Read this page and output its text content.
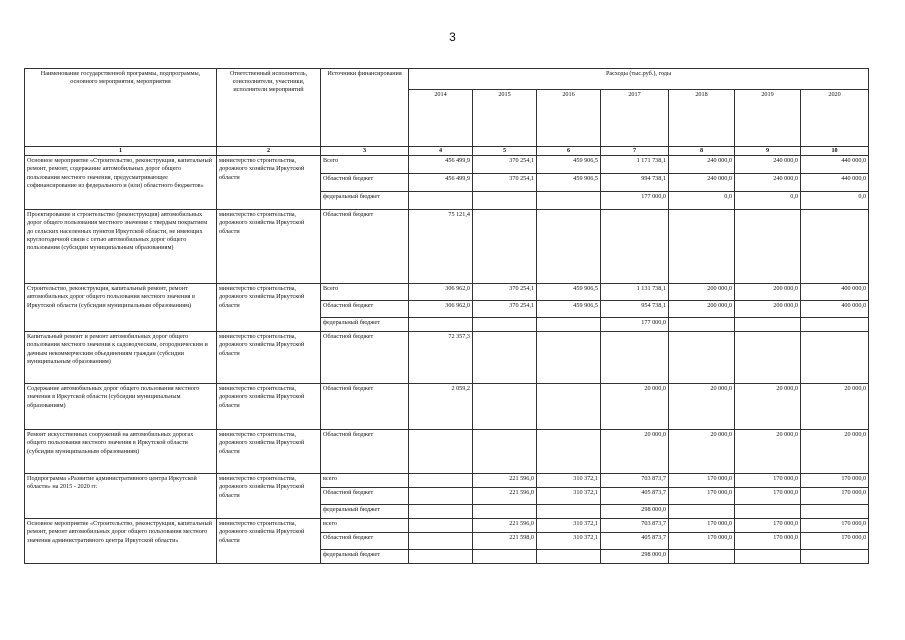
3
Наименование государственной программы, подпрограммы, основного мероприятия, мероприятия	Ответственный исполнитель, соисполнители, участники, исполнители мероприятий	Источники финансирования	Расходы (тыс.руб.), годы						
			2014	2015	2016	2017	2018	2019	2020
1	2	3	4	5	6	7	8	9	10
Основное мероприятие «Строительство, реконструкция, капитальный ремонт, ремонт, содержание автомобильных дорог общего пользования местного значения, предусматривающее софинансирование из федерального и (или) областного бюджетов»	министерство строительства, дорожного хозяйства Иркутской области	Всего	456 499,9	370 254,1	459 906,5	1 171 738,1	240 000,0	240 000,0	440 000,0
		Областной бюджет	456 499,9	370 254,1	459 906,5	994 738,1	240 000,0	240 000,0	440 000,0
		федеральный бюджет				177 000,0	0,0	0,0	0,0
Проектирование и строительство (реконструкция) автомобильных дорог общего пользования местного значения с твердым покрытием до сельских населенных пунктов Иркутской области, не имеющих круглогодичной связи с сетью автомобильных дорог общего пользования (субсидии муниципальным образованиям)	министерство строительства, дорожного хозяйства Иркутской области	Областной бюджет	75 121,4						
Строительство, реконструкция, капитальный ремонт, ремонт автомобильных дорог общего пользования местного значения в Иркутской области (субсидии муниципальным образованиям)	министерство строительства, дорожного хозяйства Иркутской области	Всего	306 962,0	370 254,1	459 906,5	1 131 738,1	200 000,0	200 000,0	400 000,0
		Областной бюджет	306 962,0	370 254,1	459 906,5	954 738,1	200 000,0	200 000,0	400 000,0
		федеральный бюджет				177 000,0			
Капитальный ремонт и ремонт автомобильных дорог общего пользования местного значения к садоводческим, огородническим и дачным некоммерческим объединениям граждан (субсидии муниципальным образованиям)	министерство строительства, дорожного хозяйства Иркутской области	Областной бюджет	72 357,3						
Содержание автомобильных дорог общего пользования местного значения в Иркутской области (субсидии муниципальным образованиям)	министерство строительства, дорожного хозяйства Иркутской области	Областной бюджет	2 059,2			20 000,0	20 000,0	20 000,0	20 000,0
Ремонт искусственных сооружений на автомобильных дорогах общего пользования местного значения в Иркутской области (субсидии муниципальным образованиям)	министерство строительства, дорожного хозяйства Иркутской области	Областной бюджет				20 000,0	20 000,0	20 000,0	20 000,0
Подпрограмма «Развитие административного центра Иркутской области» на 2015 - 2020 гг.	министерство строительства, дорожного хозяйства Иркутской области	всего		221 596,0	310 372,1	703 873,7	170 000,0	170 000,0	170 000,0
		Областной бюджет		221 596,0	310 372,1	405 873,7	170 000,0	170 000,0	170 000,0
		федеральный бюджет				298 000,0			
Основное мероприятие «Строительство, реконструкция, капитальный ремонт, ремонт автомобильных дорог общего пользования местного значения административного центра Иркутской области»	министерство строительства, дорожного хозяйства Иркутской области	всего		221 596,0	310 372,1	703 873,7	170 000,0	170 000,0	170 000,0
		Областной бюджет		221 598,0	310 372,1	405 873,7	170 000,0	170 000,0	170 000,0
		федеральный бюджет				298 000,0			
